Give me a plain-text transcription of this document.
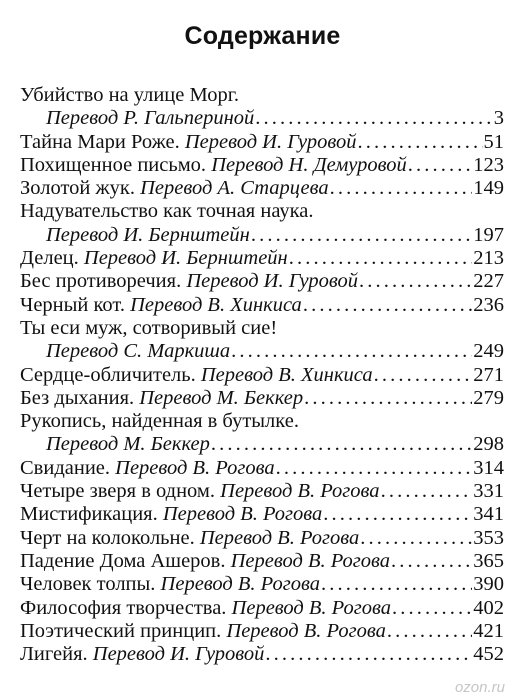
Содержание
Убийство на улице Морг.
Перевод Р. Гальпериной . . .	3
Тайна Мари Роже. Перевод И. Гуровой . . .	51
Похищенное письмо. Перевод Н. Демуровой . . .	123
Золотой жук. Перевод А. Старцева . . .	149
Надувательство как точная наука.
Перевод И. Бернштейн . . .	197
Делец. Перевод И. Бернштейн . . .	213
Бес противоречия. Перевод И. Гуровой . . .	227
Черный кот. Перевод В. Хинкиса . . .	236
Ты еси муж, сотворивый сие!
Перевод С. Маркиша . . .	249
Сердце-обличитель. Перевод В. Хинкиса . . .	271
Без дыхания. Перевод М. Беккер . . .	279
Рукопись, найденная в бутылке.
Перевод М. Беккер . . .	298
Свидание. Перевод В. Рогова . . .	314
Четыре зверя в одном. Перевод В. Рогова . . .	331
Мистификация. Перевод В. Рогова . . .	341
Черт на колокольне. Перевод В. Рогова . . .	353
Падение Дома Ашеров. Перевод В. Рогова . . .	365
Человек толпы. Перевод В. Рогова . . .	390
Философия творчества. Перевод В. Рогова . . .	402
Поэтический принцип. Перевод В. Рогова . . .	421
Лигейя. Перевод И. Гуровой . . .	452
ozon.ru
